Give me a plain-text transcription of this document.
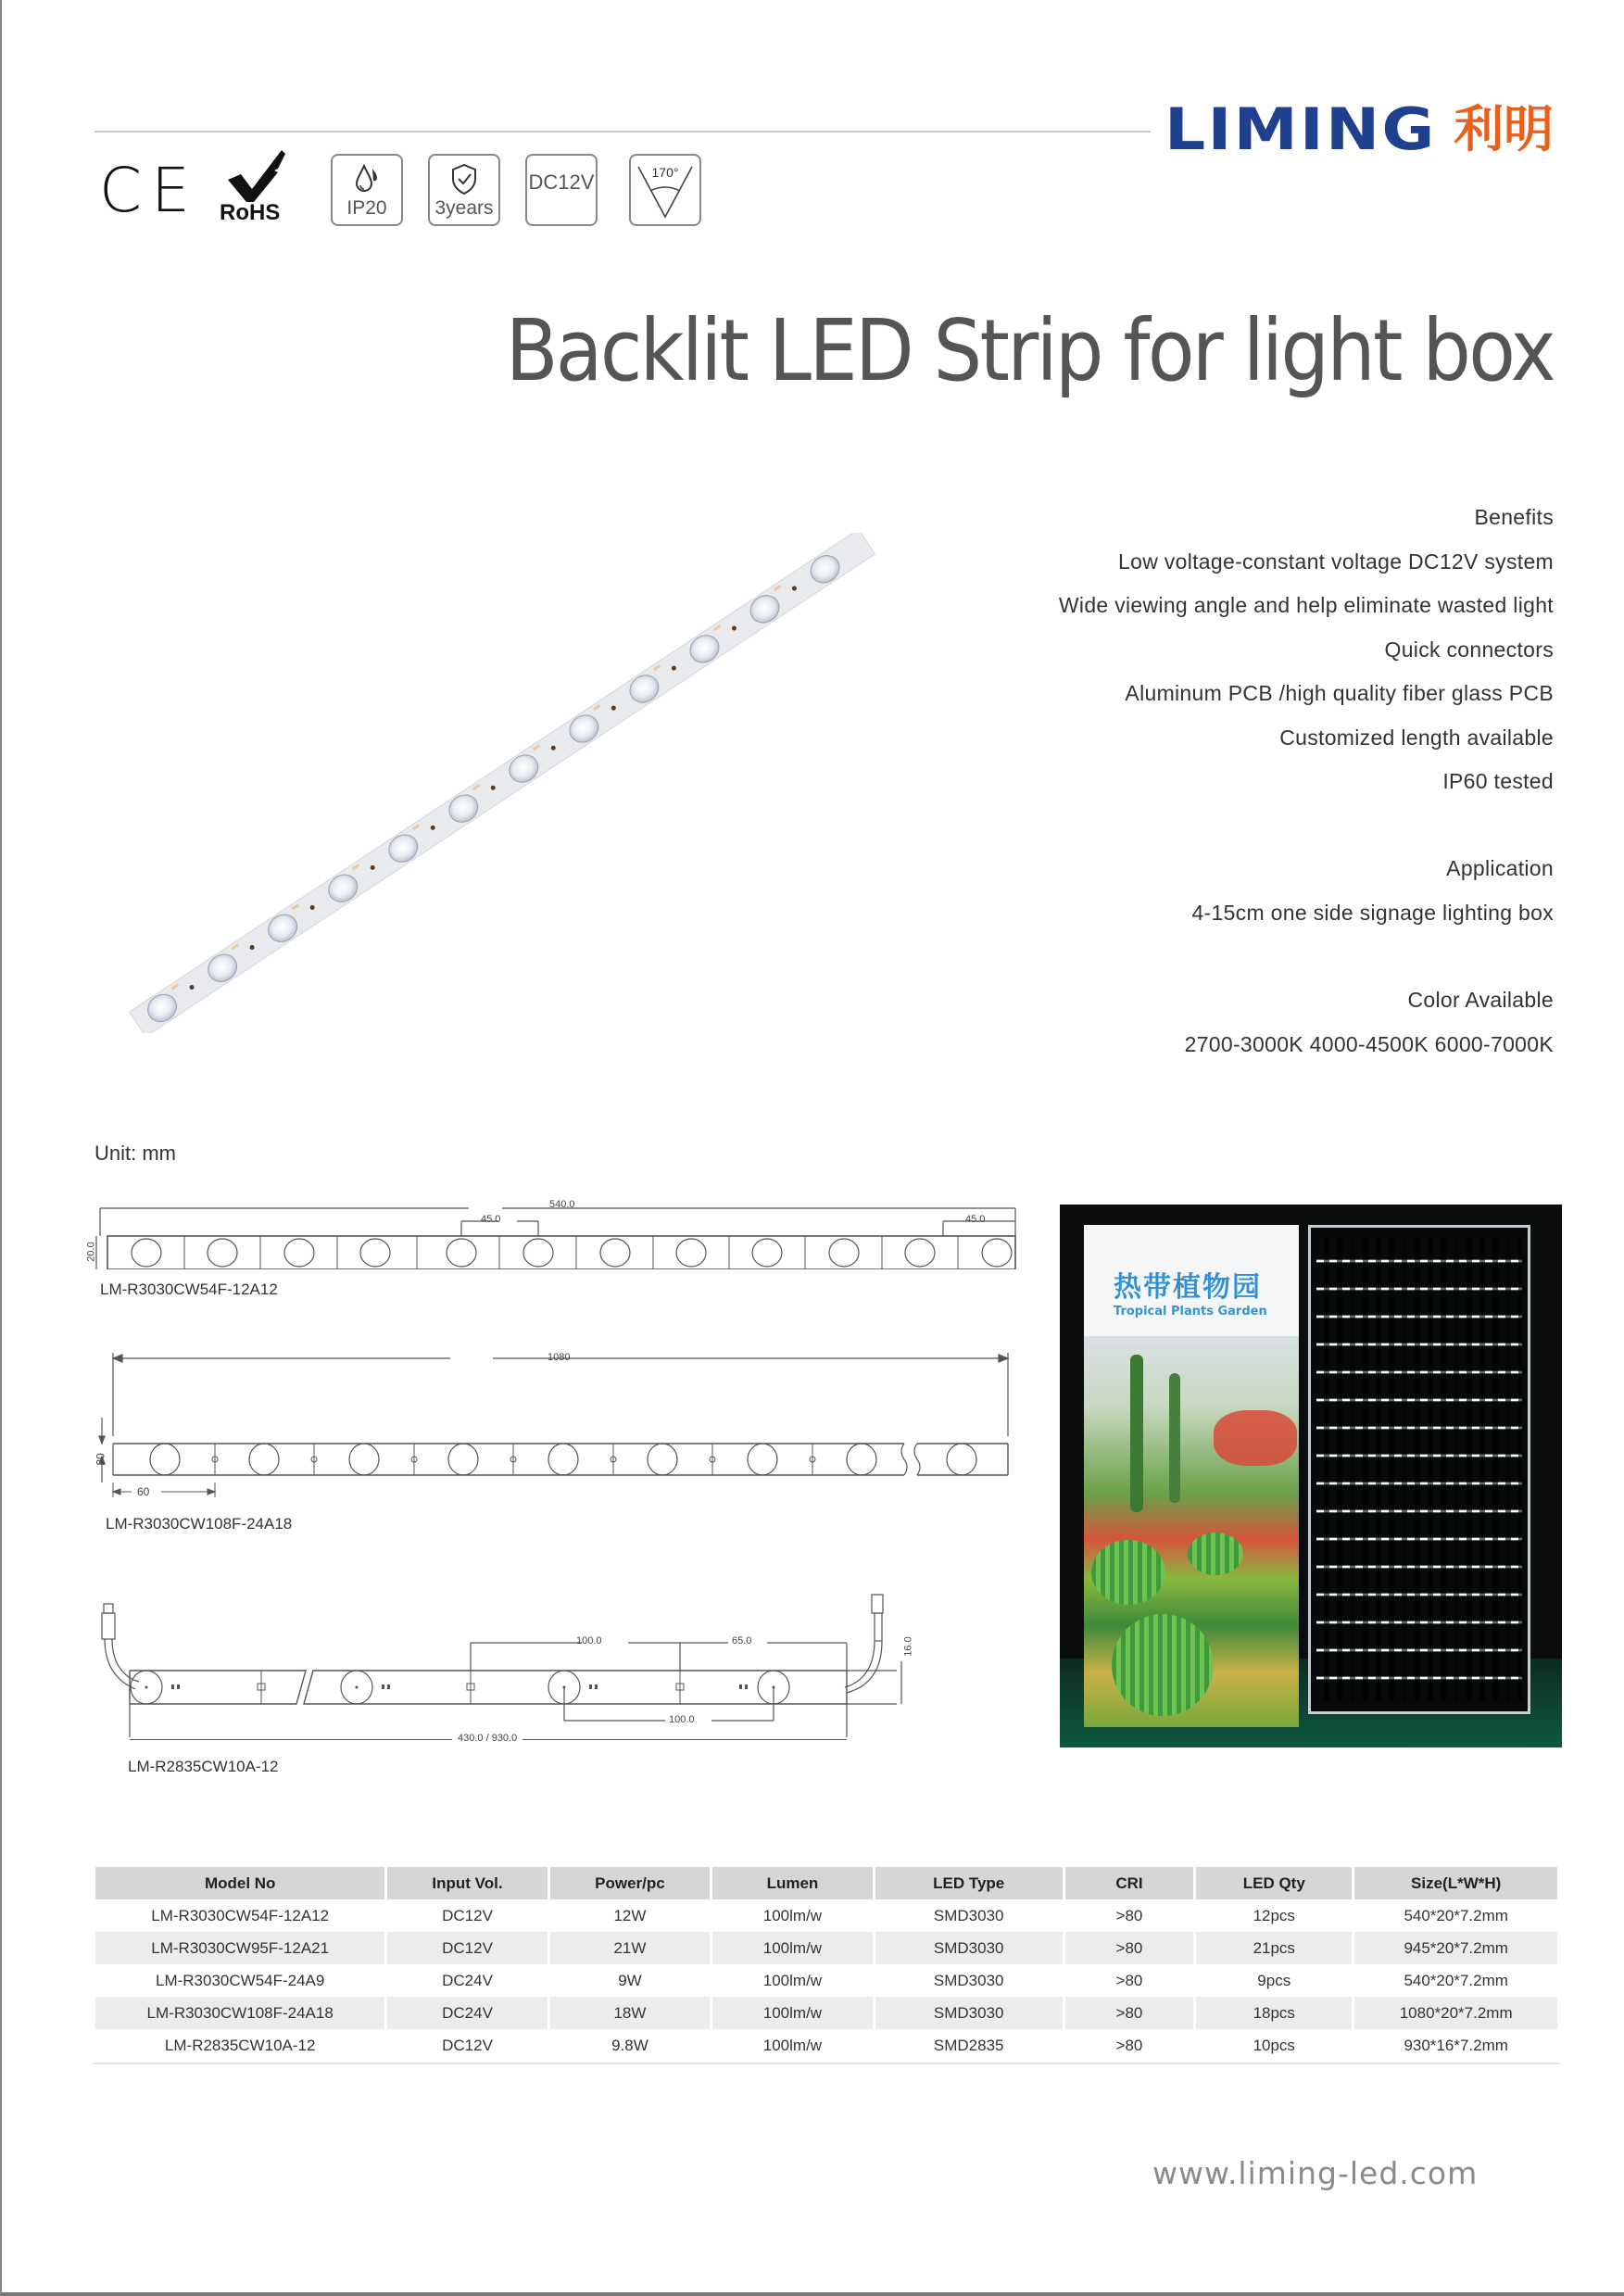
LIMING 利明
CE RoHS	IP20 3years
DC12V	170°
Backlit LED Strip for light box
Benefits
Low voltage-constant voltage DC12V system
Wide viewing angle and help eliminate wasted light
Quick connectors
Aluminum PCB /high quality fiber glass PCB
Customized length available
IP60 tested
Application
4-15cm one side signage lighting box
Color Available
2700-3000K 4000-4500K 6000-7000K
Unit: mm
540.0
45.0	45.0
20.0
LM-R3030CW54F-12A12
1080
20
60
LM-R3030CW108F-24A18
100.0	65.0
100.0
16.0
430.0 / 930.0
LM-R2835CW10A-12
热带植物园
Tropical Plants Garden
Model No	Input Vol.	Power/pc	Lumen	LED Type	CRI	LED Qty	Size(L*W*H)
LM-R3030CW54F-12A12	DC12V	12W	100lm/w	SMD3030	>80	12pcs	540*20*7.2mm
LM-R3030CW95F-12A21	DC12V	21W	100lm/w	SMD3030	>80	21pcs	945*20*7.2mm
LM-R3030CW54F-24A9	DC24V	9W	100lm/w	SMD3030	>80	9pcs	540*20*7.2mm
LM-R3030CW108F-24A18	DC24V	18W	100lm/w	SMD3030	>80	18pcs	1080*20*7.2mm
LM-R2835CW10A-12	DC12V	9.8W	100lm/w	SMD2835	>80	10pcs	930*16*7.2mm
www.liming-led.com
